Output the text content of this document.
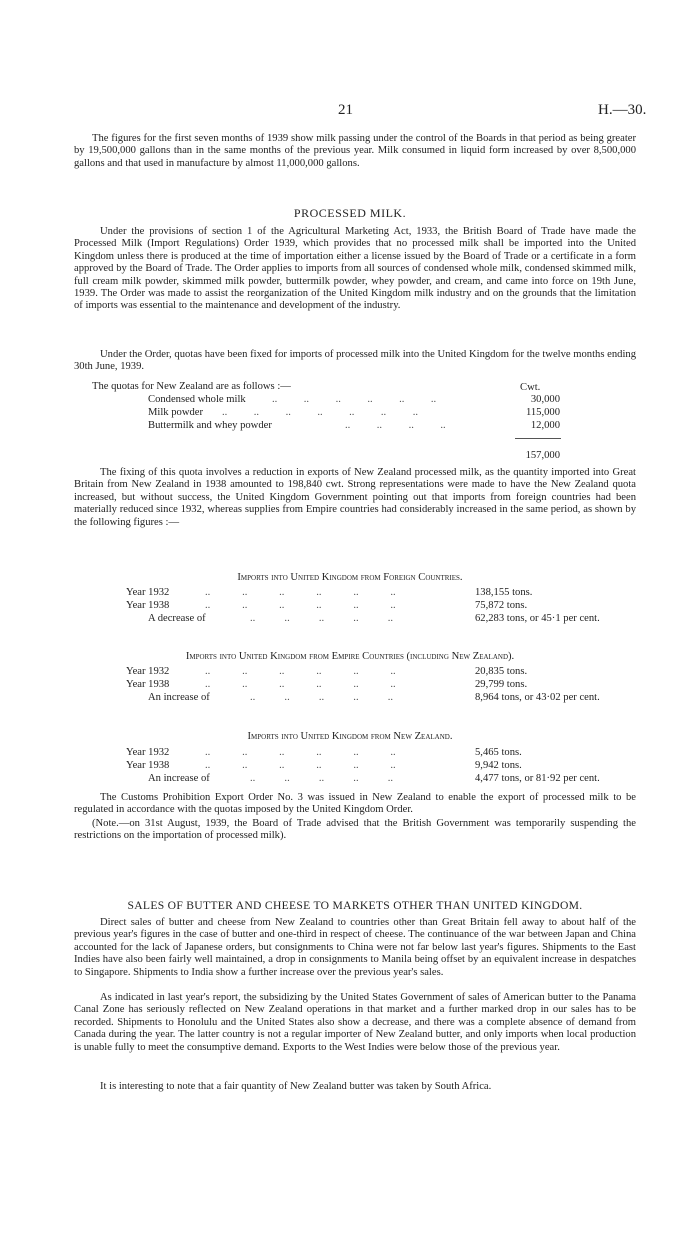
21	H.—30.

The figures for the first seven months of 1939 show milk passing under the control of the Boards in that period as being greater by 19,500,000 gallons than in the same months of the previous year. Milk consumed in liquid form increased by over 8,500,000 gallons and that used in manufacture by almost 11,000,000 gallons.

PROCESSED MILK.

Under the provisions of section 1 of the Agricultural Marketing Act, 1933, the British Board of Trade have made the Processed Milk (Import Regulations) Order 1939, which provides that no processed milk shall be imported into the United Kingdom unless there is produced at the time of importation either a license issued by the Board of Trade or a certificate in a form approved by the Board of Trade. The Order applies to imports from all sources of condensed whole milk, condensed skimmed milk, full cream milk powder, skimmed milk powder, buttermilk powder, whey powder, and cream, and came into force on 19th June, 1939. The Order was made to assist the reorganization of the United Kingdom milk industry and on the grounds that the limitation of imports was essential to the maintenance and development of the industry.

Under the Order, quotas have been fixed for imports of processed milk into the United Kingdom for the twelve months ending 30th June, 1939.

The quotas for New Zealand are as follows :—	Cwt.
Condensed whole milk ..          ..          ..          ..          ..          ..	30,000
Milk powder ..          ..          ..          ..          ..          ..          ..	115,000
Buttermilk and whey powder	..          ..          ..          ..	12,000
157,000

The fixing of this quota involves a reduction in exports of New Zealand processed milk, as the quantity imported into Great Britain from New Zealand in 1938 amounted to 198,840 cwt. Strong representations were made to have the New Zealand quota increased, but without success, the United Kingdom Government pointing out that imports from foreign countries had been materially reduced since 1932, whereas supplies from Empire countries had considerably increased in the same period, as shown by the following figures :—

Imports into United Kingdom from Foreign Countries.
Year 1932	..            ..            ..            ..            ..            ..	138,155 tons.
Year 1938	..            ..            ..            ..            ..            ..	75,872 tons.
A decrease of	..           ..           ..           ..           ..	62,283 tons, or 45·1 per cent.
Imports into United Kingdom from Empire Countries (including New Zealand).
Year 1932	..            ..            ..            ..            ..            ..	20,835 tons.
Year 1938	..            ..            ..            ..            ..            ..	29,799 tons.
An increase of	..           ..           ..           ..           ..	8,964 tons, or 43·02 per cent.
Imports into United Kingdom from New Zealand.
Year 1932	..            ..            ..            ..            ..            ..	5,465 tons.
Year 1938	..            ..            ..            ..            ..            ..	9,942 tons.
An increase of	..           ..           ..           ..           ..	4,477 tons, or 81·92 per cent.

The Customs Prohibition Export Order No. 3 was issued in New Zealand to enable the export of processed milk to be regulated in accordance with the quotas imposed by the United Kingdom Order.

(Note.—on 31st August, 1939, the Board of Trade advised that the British Government was temporarily suspending the restrictions on the importation of processed milk).

SALES OF BUTTER AND CHEESE TO MARKETS OTHER THAN UNITED KINGDOM.

Direct sales of butter and cheese from New Zealand to countries other than Great Britain fell away to about half of the previous year's figures in the case of butter and one-third in respect of cheese. The continuance of the war between Japan and China accounted for the lack of Japanese orders, but consignments to China were not far below last year's figures. Shipments to the East Indies have also been fairly well maintained, a drop in consignments to Manila being offset by an equivalent increase in despatches to Singapore. Shipments to India show a further increase over the previous year's sales.

As indicated in last year's report, the subsidizing by the United States Government of sales of American butter to the Panama Canal Zone has seriously reflected on New Zealand operations in that market and a further marked drop in our sales has to be recorded. Shipments to Honolulu and the United States also show a decrease, and there was a complete absence of demand from Canada during the year. The latter country is not a regular importer of New Zealand butter, and only imports when local production is unable fully to meet the consumptive demand. Exports to the West Indies were below those of the previous year.

It is interesting to note that a fair quantity of New Zealand butter was taken by South Africa.
